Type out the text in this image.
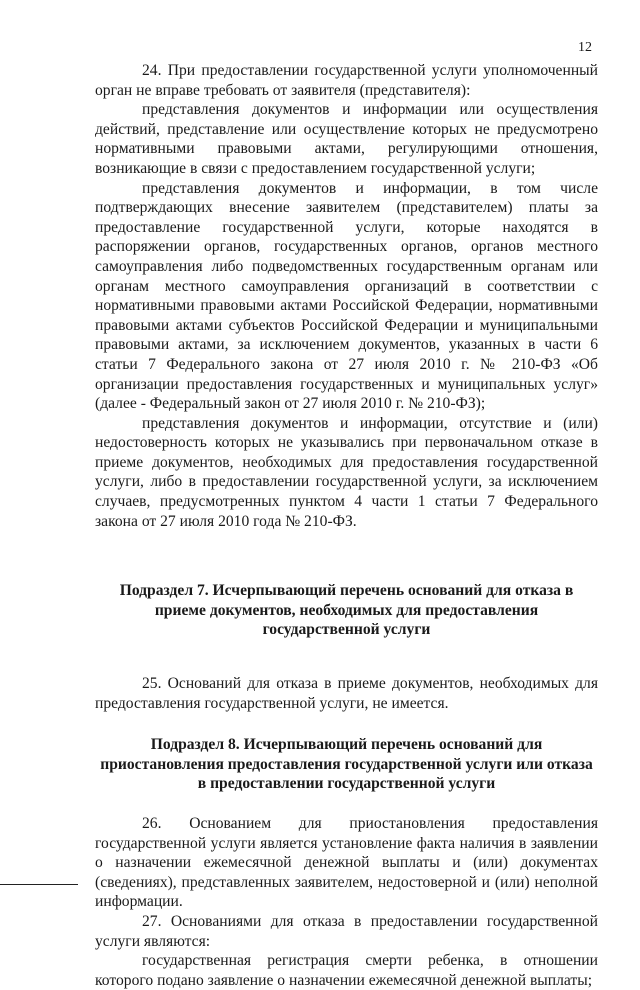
12

24. При предоставлении государственной услуги уполномоченный орган не вправе требовать от заявителя (представителя):

представления документов и информации или осуществления действий, представление или осуществление которых не предусмотрено нормативными правовыми актами, регулирующими отношения, возникающие в связи с предоставлением государственной услуги;

представления документов и информации, в том числе подтверждающих внесение заявителем (представителем) платы за предоставление государственной услуги, которые находятся в распоряжении органов, государственных органов, органов местного самоуправления либо подведомственных государственным органам или органам местного самоуправления организаций в соответствии с нормативными правовыми актами Российской Федерации, нормативными правовыми актами субъектов Российской Федерации и муниципальными правовыми актами, за исключением документов, указанных в части 6 статьи 7 Федерального закона от 27 июля 2010 г. № 210-ФЗ «Об организации предоставления государственных и муниципальных услуг» (далее - Федеральный закон от 27 июля 2010 г. № 210-ФЗ);

представления документов и информации, отсутствие и (или) недостоверность которых не указывались при первоначальном отказе в приеме документов, необходимых для предоставления государственной услуги, либо в предоставлении государственной услуги, за исключением случаев, предусмотренных пунктом 4 части 1 статьи 7 Федерального закона от 27 июля 2010 года № 210-ФЗ.

Подраздел 7. Исчерпывающий перечень оснований для отказа в приеме документов, необходимых для предоставления государственной услуги

25. Оснований для отказа в приеме документов, необходимых для предоставления государственной услуги, не имеется.

Подраздел 8. Исчерпывающий перечень оснований для приостановления предоставления государственной услуги или отказа в предоставлении государственной услуги

26. Основанием для приостановления предоставления государственной услуги является установление факта наличия в заявлении о назначении ежемесячной денежной выплаты и (или) документах (сведениях), представленных заявителем, недостоверной и (или) неполной информации.

27. Основаниями для отказа в предоставлении государственной услуги являются:

государственная регистрация смерти ребенка, в отношении которого подано заявление о назначении ежемесячной денежной выплаты;
